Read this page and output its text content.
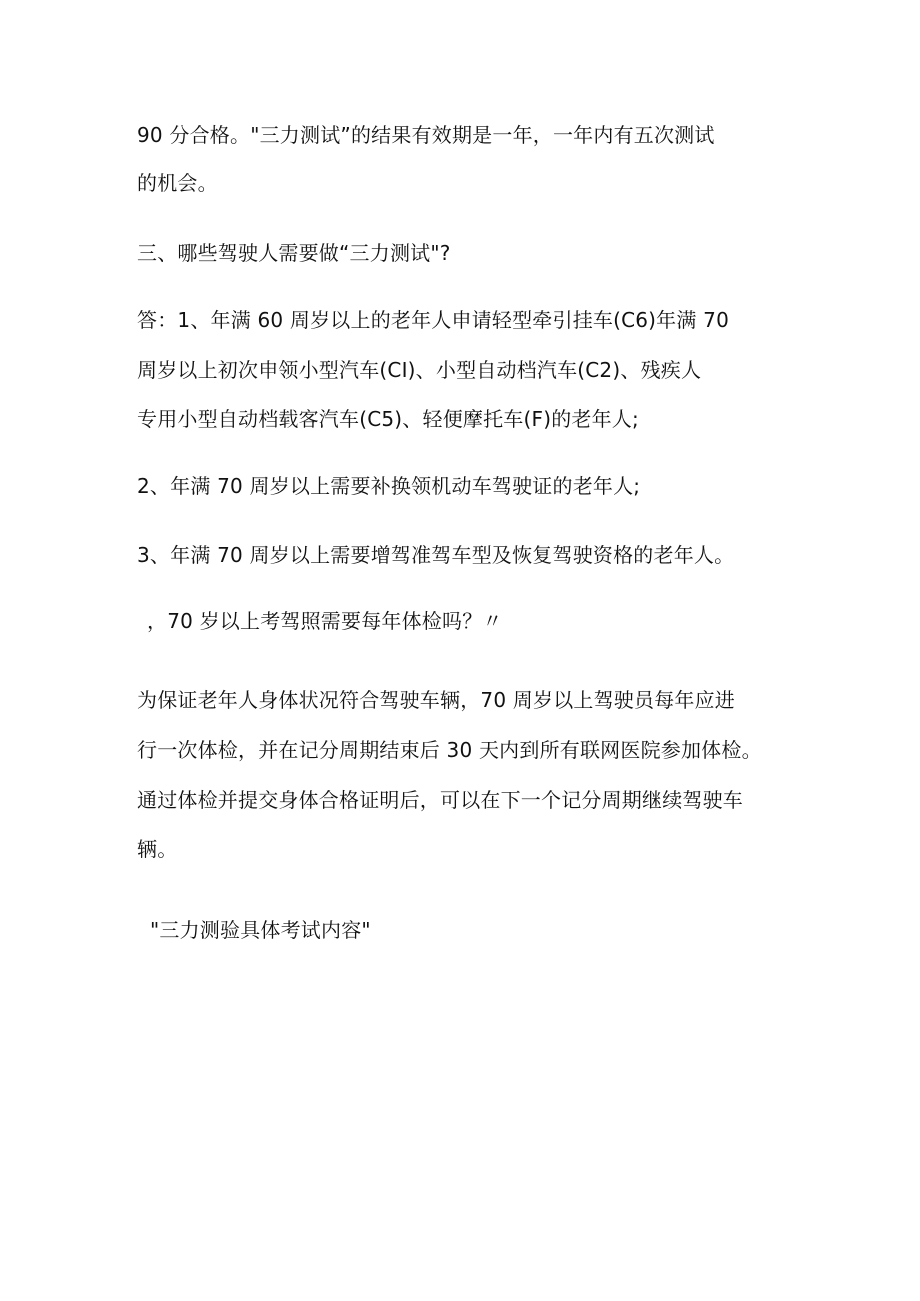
90 分合格。"三力测试”的结果有效期是一年，一年内有五次测试
的机会。
三、哪些驾驶人需要做“三力测试"?
答：1、年满 60 周岁以上的老年人申请轻型牵引挂车(C6)年满 70
周岁以上初次申领小型汽车(CI)、小型自动档汽车(C2)、残疾人
专用小型自动档载客汽车(C5)、轻便摩托车(F)的老年人;
2、年满 70 周岁以上需要补换领机动车驾驶证的老年人;
3、年满 70 周岁以上需要增驾准驾车型及恢复驾驶资格的老年人。
，70 岁以上考驾照需要每年体检吗？〃
为保证老年人身体状况符合驾驶车辆，70 周岁以上驾驶员每年应进
行一次体检，并在记分周期结束后 30 天内到所有联网医院参加体检。
通过体检并提交身体合格证明后，可以在下一个记分周期继续驾驶车
辆。
"三力测验具体考试内容"
